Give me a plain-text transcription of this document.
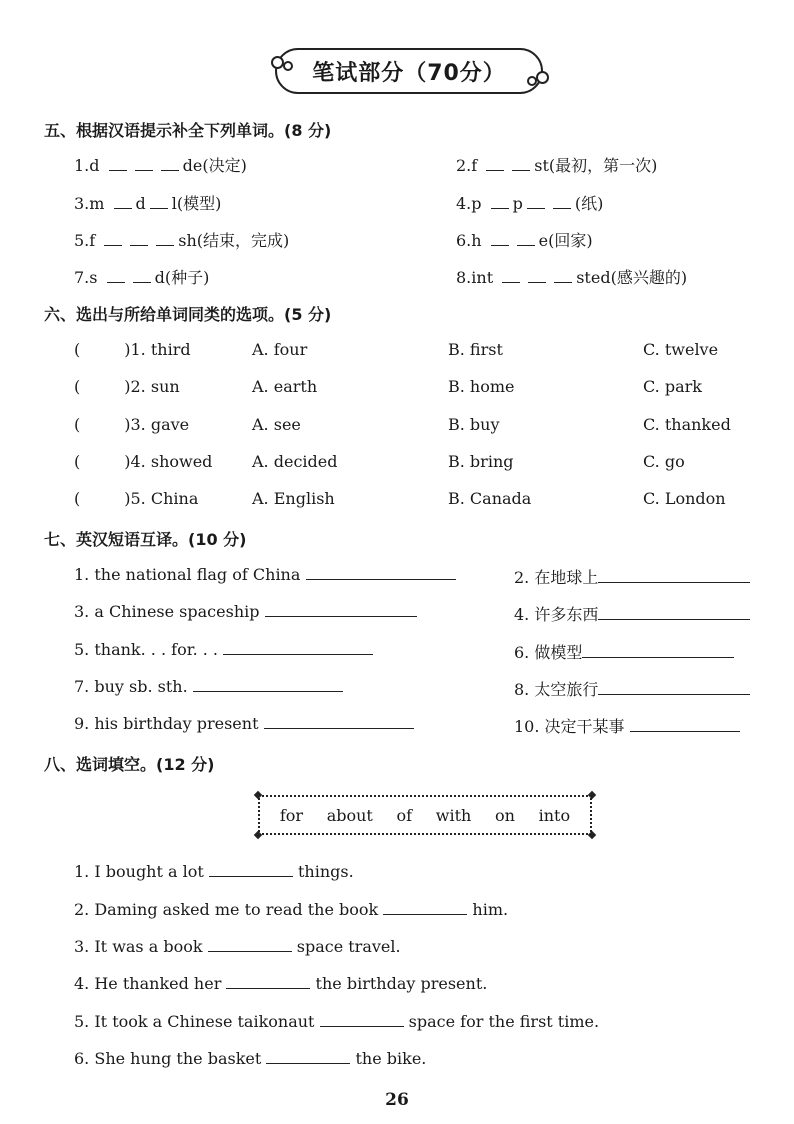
笔试部分（70分）
五、根据汉语提示补全下列单词。(8 分)
1.d	de(决定)	2.f	st(最初，第一次)
3.m d l(模型)	4.p p	(纸)
5.f	sh(结束，完成)	6.h	e(回家)
7.s	d(种子)	8.int	sted(感兴趣的)
六、选出与所给单词同类的选项。(5 分)
(	)1. third	A. four	B. first	C. twelve
(	)2. sun	A. earth	B. home	C. park
(	)3. gave	A. see	B. buy	C. thanked
(	)4. showed A. decided	B. bring	C. go
(	)5. China	A. English	B. Canada	C. London
七、英汉短语互译。(10 分)
1. the national flag of China	2. 在地球上
3. a Chinese spaceship	4. 许多东西
5. thank. . . for. . .	6. 做模型
7. buy sb. sth.	8. 太空旅行
9. his birthday present	10. 决定干某事
八、选词填空。(12 分)
for about of with on into
1. I bought a lot	things.
2. Daming asked me to read the book	him.
3. It was a book	space travel.
4. He thanked her	the birthday present.
5. It took a Chinese taikonaut	space for the first time.
6. She hung the basket	the bike.
26
